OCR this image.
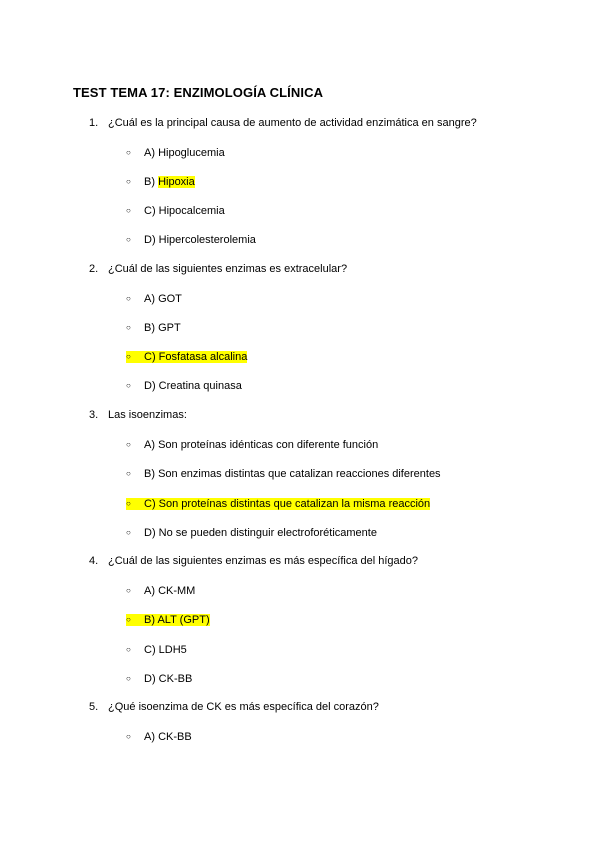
TEST TEMA 17: ENZIMOLOGÍA CLÍNICA
1. ¿Cuál es la principal causa de aumento de actividad enzimática en sangre?
○ A) Hipoglucemia
○ B) Hipoxia
○ C) Hipocalcemia
○ D) Hipercolesterolemia
2. ¿Cuál de las siguientes enzimas es extracelular?
○ A) GOT
○ B) GPT
○ C) Fosfatasa alcalina
○ D) Creatina quinasa
3. Las isoenzimas:
○ A) Son proteínas idénticas con diferente función
○ B) Son enzimas distintas que catalizan reacciones diferentes
○ C) Son proteínas distintas que catalizan la misma reacción
○ D) No se pueden distinguir electroforéticamente
4. ¿Cuál de las siguientes enzimas es más específica del hígado?
○ A) CK-MM
○ B) ALT (GPT)
○ C) LDH5
○ D) CK-BB
5. ¿Qué isoenzima de CK es más específica del corazón?
○ A) CK-BB
